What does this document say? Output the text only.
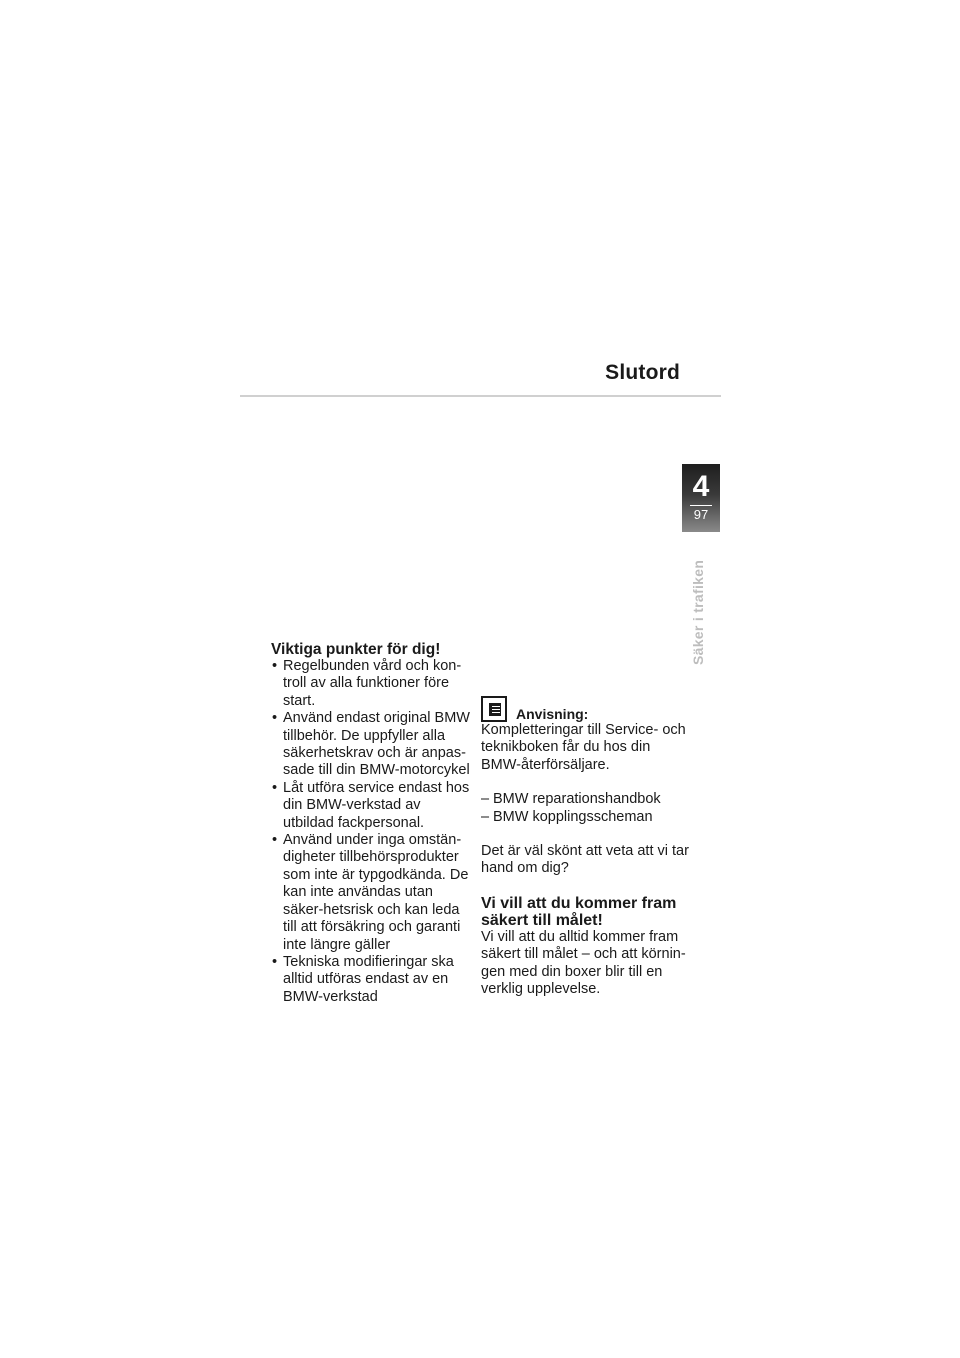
Slutord
4
97
Säker i trafiken
Viktiga punkter för dig!
• Regelbunden vård och kon-troll av alla funktioner före start.
• Använd endast original BMW tillbehör. De uppfyller alla säkerhetskrav och är anpas-sade till din BMW-motorcykel
• Låt utföra service endast hos din BMW-verkstad av utbildad fackpersonal.
• Använd under inga omstän-digheter tillbehörsprodukter som inte är typgodkända. De kan inte användas utan säker-hetsrisk och kan leda till att försäkring och garanti inte längre gäller
• Tekniska modifieringar ska alltid utföras endast av en BMW-verkstad
Anvisning:

Kompletteringar till Service- och teknikboken får du hos din BMW-återförsäljare.

– BMW reparationshandbok
– BMW kopplingsscheman

Det är väl skönt att veta att vi tar hand om dig?

Vi vill att du kommer fram säkert till målet!

Vi vill att du alltid kommer fram säkert till målet – och att körnin-gen med din boxer blir till en verklig upplevelse.
